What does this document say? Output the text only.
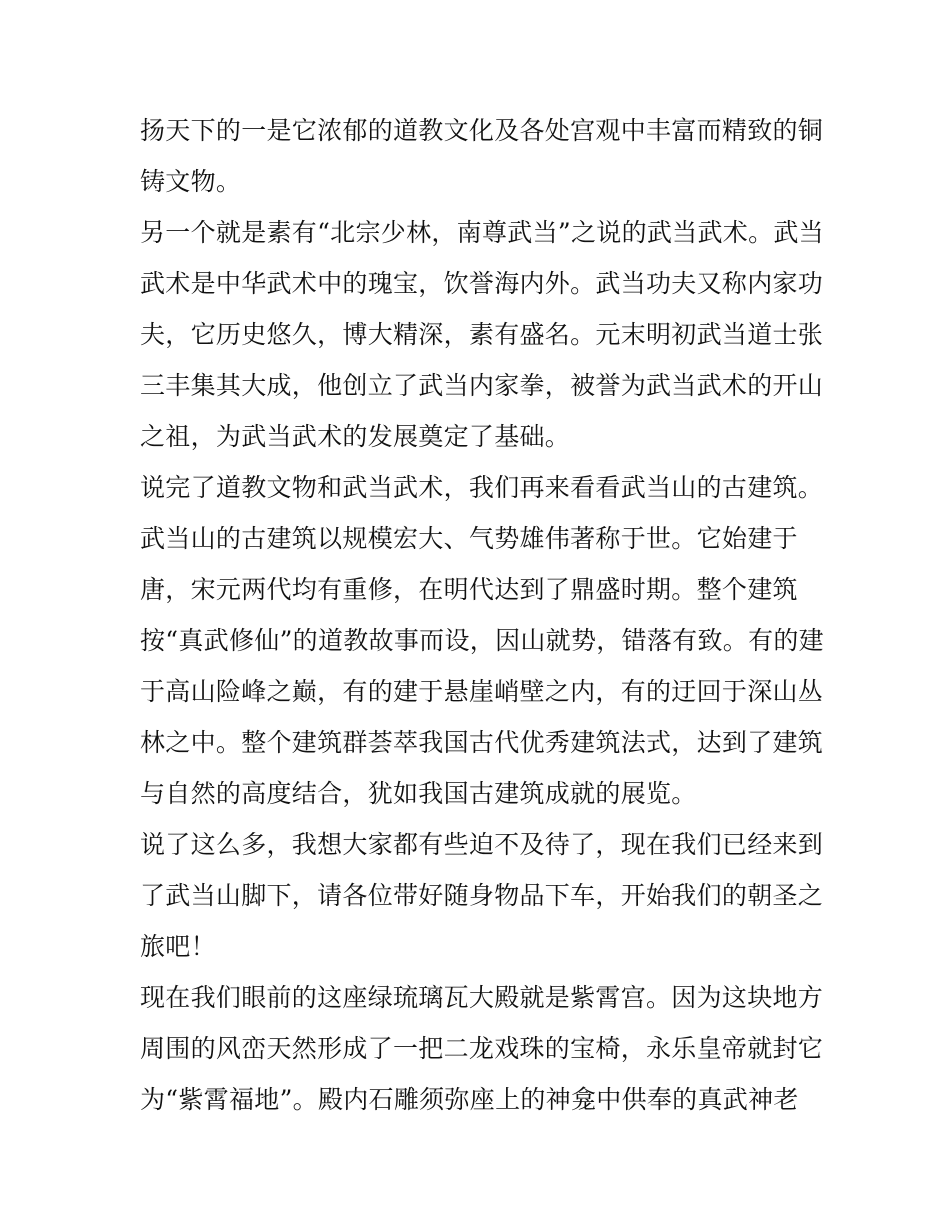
扬天下的一是它浓郁的道教文化及各处宫观中丰富而精致的铜
铸文物。
另一个就是素有“北宗少林，南尊武当”之说的武当武术。武当
武术是中华武术中的瑰宝，饮誉海内外。武当功夫又称内家功
夫，它历史悠久，博大精深，素有盛名。元末明初武当道士张
三丰集其大成，他创立了武当内家拳，被誉为武当武术的开山
之祖，为武当武术的发展奠定了基础。
说完了道教文物和武当武术，我们再来看看武当山的古建筑。
武当山的古建筑以规模宏大、气势雄伟著称于世。它始建于
唐，宋元两代均有重修，在明代达到了鼎盛时期。整个建筑
按“真武修仙”的道教故事而设，因山就势，错落有致。有的建
于高山险峰之巅，有的建于悬崖峭壁之内，有的迂回于深山丛
林之中。整个建筑群荟萃我国古代优秀建筑法式，达到了建筑
与自然的高度结合，犹如我国古建筑成就的展览。
说了这么多，我想大家都有些迫不及待了，现在我们已经来到
了武当山脚下，请各位带好随身物品下车，开始我们的朝圣之
旅吧！
现在我们眼前的这座绿琉璃瓦大殿就是紫霄宫。因为这块地方
周围的风峦天然形成了一把二龙戏珠的宝椅，永乐皇帝就封它
为“紫霄福地”。殿内石雕须弥座上的神龛中供奉的真武神老
